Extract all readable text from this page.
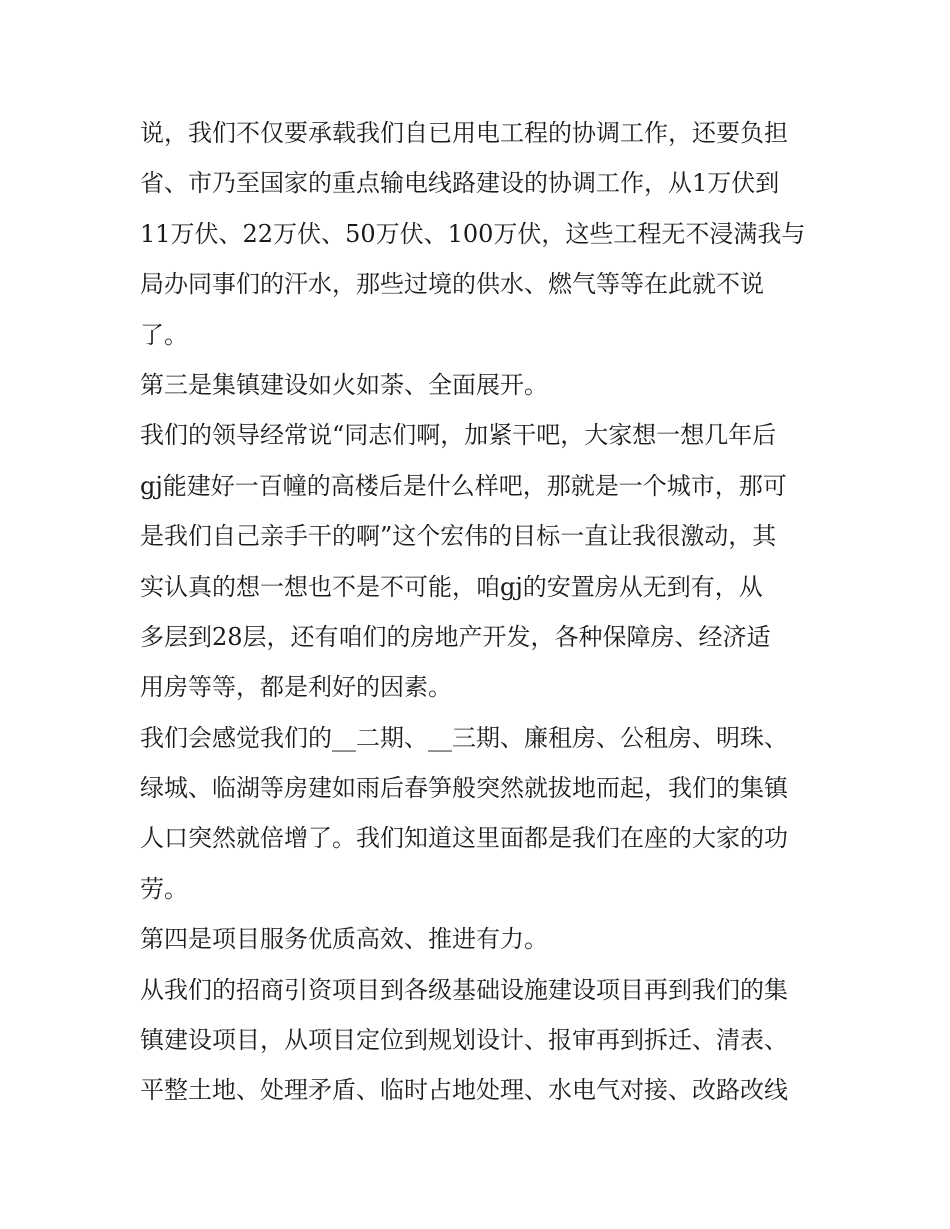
说，我们不仅要承载我们自已用电工程的协调工作，还要负担
省、市乃至国家的重点输电线路建设的协调工作，从1万伏到
11万伏、22万伏、50万伏、100万伏，这些工程无不浸满我与
局办同事们的汗水，那些过境的供水、燃气等等在此就不说
了。
第三是集镇建设如火如荼、全面展开。
我们的领导经常说“同志们啊，加紧干吧，大家想一想几年后
gj能建好一百幢的高楼后是什么样吧，那就是一个城市，那可
是我们自己亲手干的啊”这个宏伟的目标一直让我很激动，其
实认真的想一想也不是不可能，咱gj的安置房从无到有，从
多层到28层，还有咱们的房地产开发，各种保障房、经济适
用房等等，都是利好的因素。
我们会感觉我们的__二期、__三期、廉租房、公租房、明珠、
绿城、临湖等房建如雨后春笋般突然就拔地而起，我们的集镇
人口突然就倍增了。我们知道这里面都是我们在座的大家的功
劳。
第四是项目服务优质高效、推进有力。
从我们的招商引资项目到各级基础设施建设项目再到我们的集
镇建设项目，从项目定位到规划设计、报审再到拆迁、清表、
平整土地、处理矛盾、临时占地处理、水电气对接、改路改线
